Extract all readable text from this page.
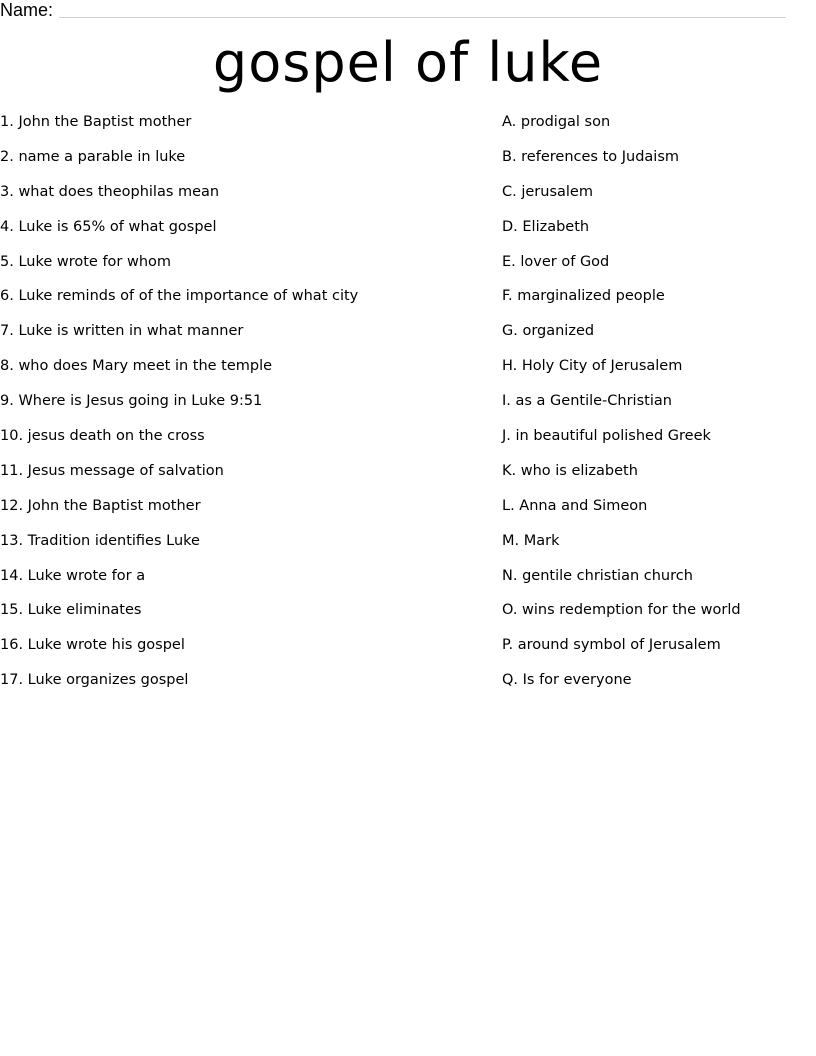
Name:
gospel of luke
1. John the Baptist mother
2. name a parable in luke
3. what does theophilas mean
4. Luke is 65% of what gospel
5. Luke wrote for whom
6. Luke reminds of of the importance of what city
7. Luke is written in what manner
8. who does Mary meet in the temple
9. Where is Jesus going in Luke 9:51
10. jesus death on the cross
11. Jesus message of salvation
12. John the Baptist mother
13. Tradition identifies Luke
14. Luke wrote for a
15. Luke eliminates
16. Luke wrote his gospel
17. Luke organizes gospel
A. prodigal son
B. references to Judaism
C. jerusalem
D. Elizabeth
E. lover of God
F. marginalized people
G. organized
H. Holy City of Jerusalem
I. as a Gentile-Christian
J. in beautiful polished Greek
K. who is elizabeth
L. Anna and Simeon
M. Mark
N. gentile christian church
O. wins redemption for the world
P. around symbol of Jerusalem
Q. Is for everyone
